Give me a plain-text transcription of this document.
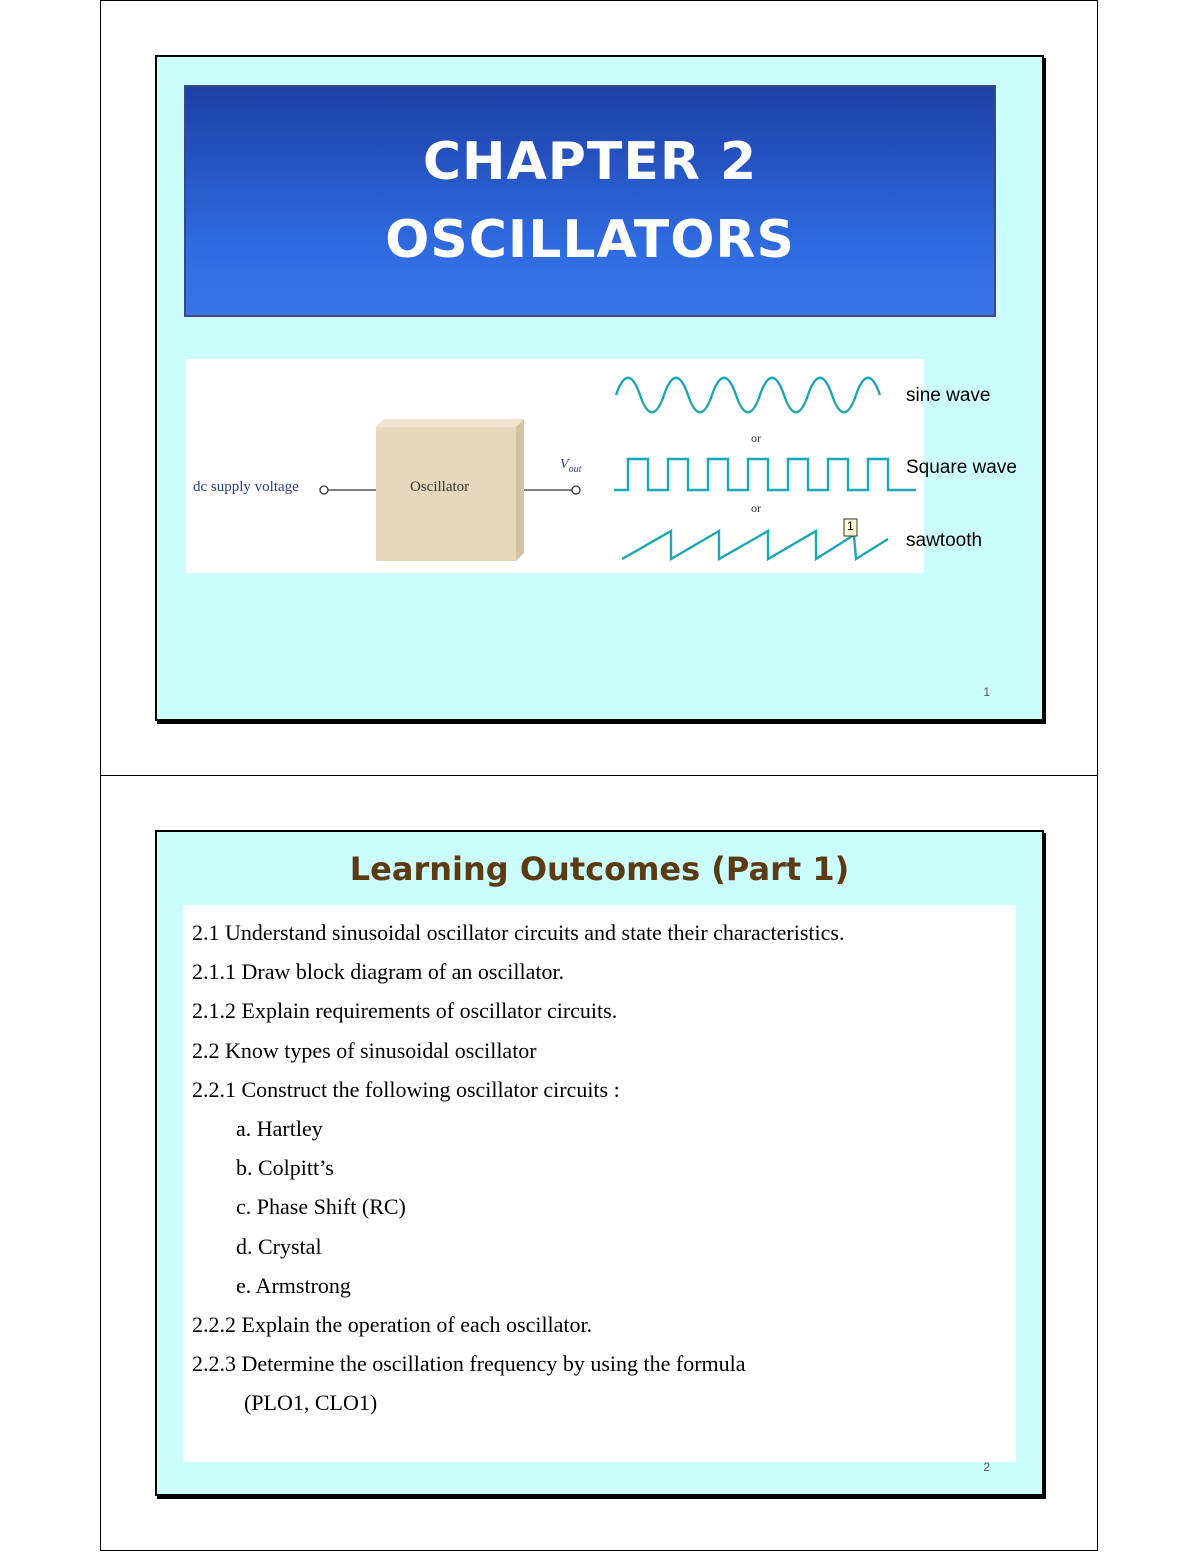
CHAPTER 2
OSCILLATORS
dc supply voltage	Oscillator
$V_{out}$
or
or
1
sine wave
Square wave
sawtooth
1
Learning Outcomes (Part 1)
2.1 Understand sinusoidal oscillator circuits and state their characteristics.
2.1.1 Draw block diagram of an oscillator.
2.1.2 Explain requirements of oscillator circuits.
2.2 Know types of sinusoidal oscillator
2.2.1 Construct the following oscillator circuits :
a. Hartley
b. Colpitt’s
c. Phase Shift (RC)
d. Crystal
e. Armstrong
2.2.2 Explain the operation of each oscillator.
2.2.3 Determine the oscillation frequency by using the formula
(PLO1, CLO1)
2
